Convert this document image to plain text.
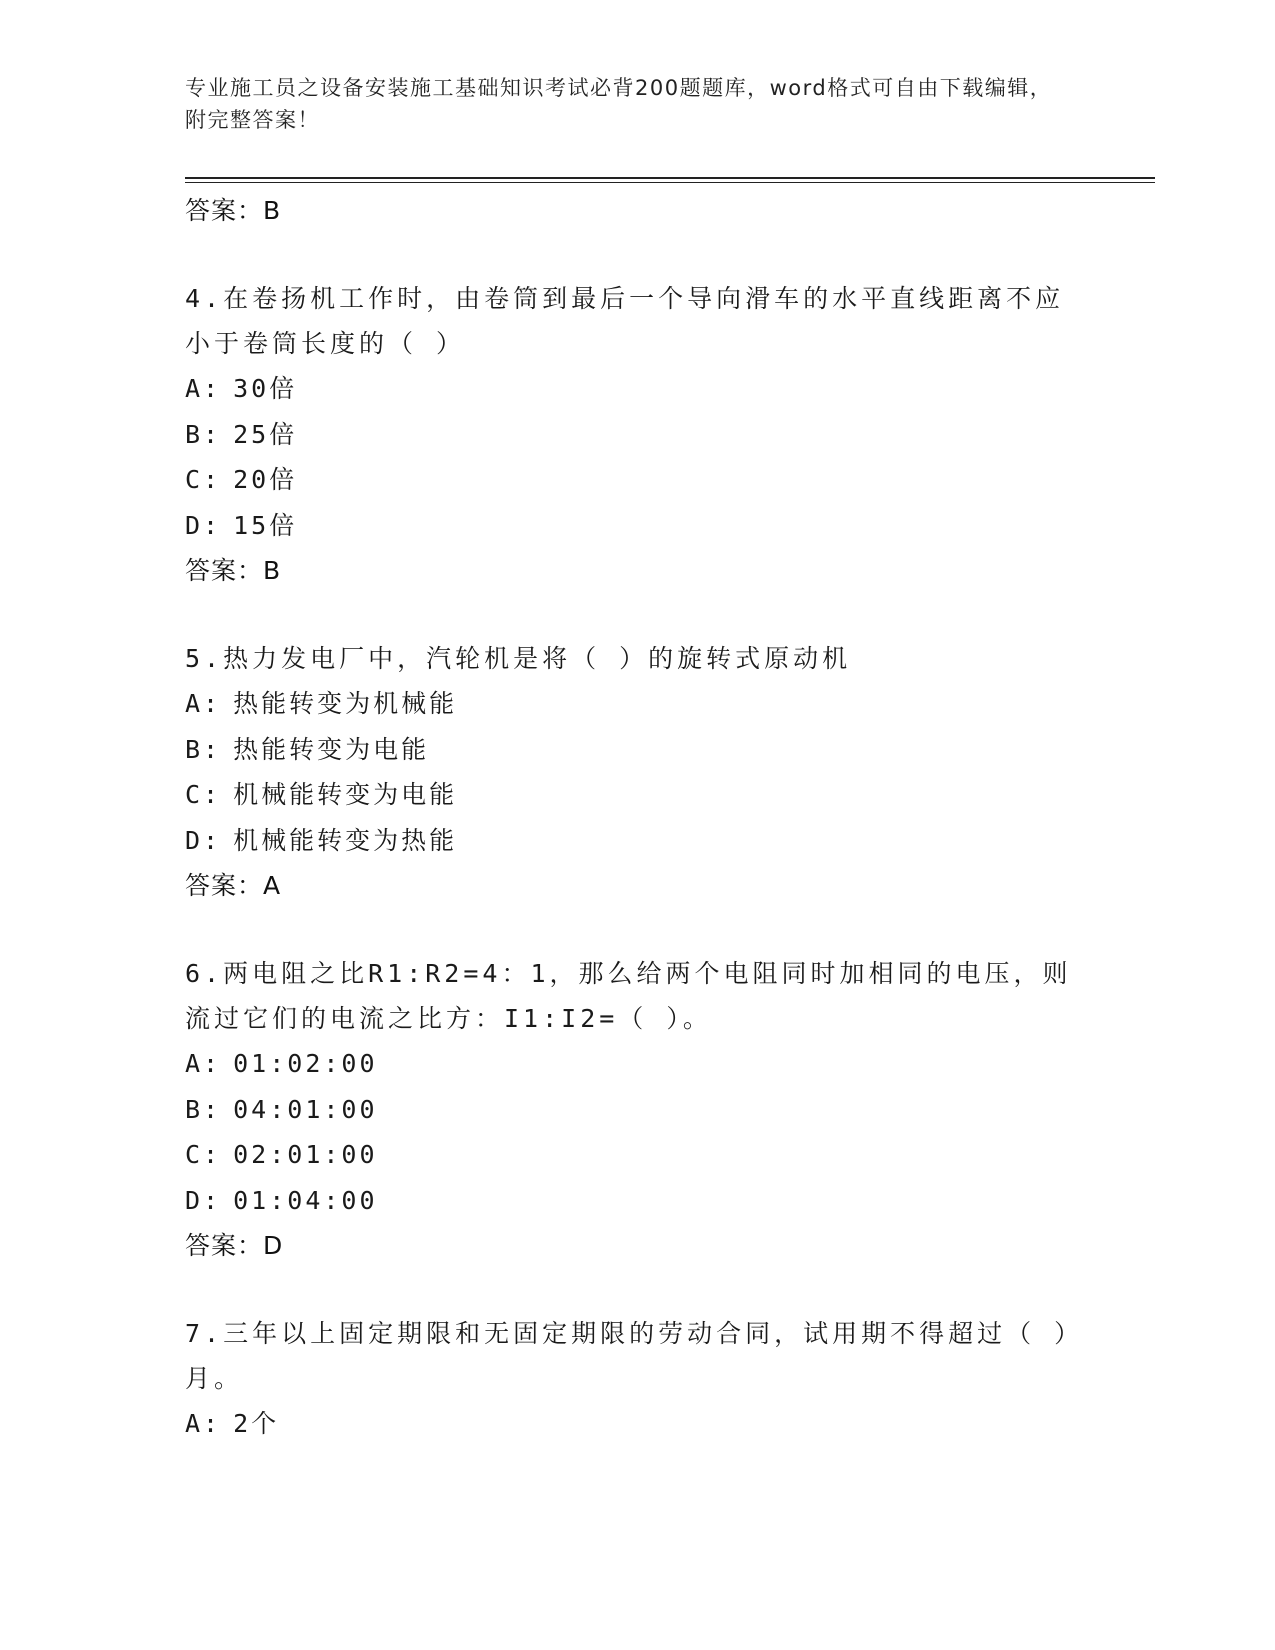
专业施工员之设备安装施工基础知识考试必背200题题库，word格式可自由下载编辑，附完整答案！
答案：B
4.在卷扬机工作时，由卷筒到最后一个导向滑车的水平直线距离不应小于卷筒长度的（ ）
A: 30倍
B: 25倍
C: 20倍
D: 15倍
答案：B
5.热力发电厂中，汽轮机是将（ ）的旋转式原动机
A: 热能转变为机械能
B: 热能转变为电能
C: 机械能转变为电能
D: 机械能转变为热能
答案：A
6.两电阻之比R1:R2=4：1，那么给两个电阻同时加相同的电压，则流过它们的电流之比方：I1:I2=（ ）。
A: 01:02:00
B: 04:01:00
C: 02:01:00
D: 01:04:00
答案：D
7.三年以上固定期限和无固定期限的劳动合同，试用期不得超过（ ）月。
A: 2个
